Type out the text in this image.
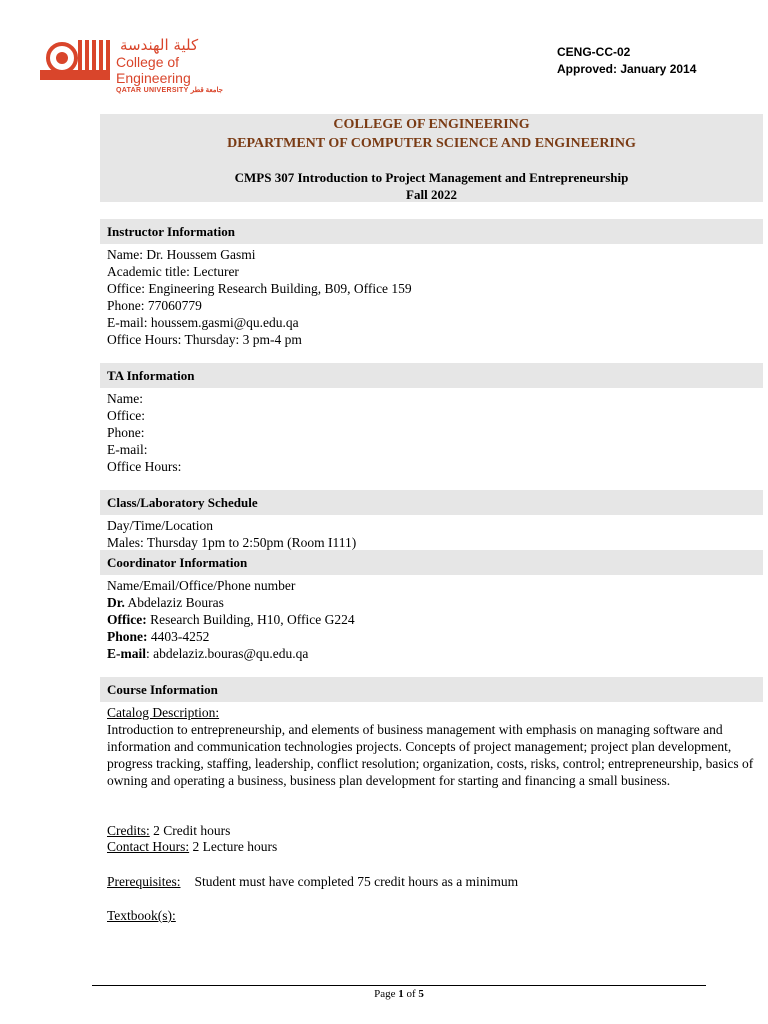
كلية الهندسة
College of Engineering
QATAR UNIVERSITY جامعة قطر
CENG-CC-02
Approved: January 2014
COLLEGE OF ENGINEERING
DEPARTMENT OF COMPUTER SCIENCE AND ENGINEERING
CMPS 307 Introduction to Project Management and Entrepreneurship
Fall 2022
Instructor Information
Name: Dr. Houssem Gasmi
Academic title: Lecturer
Office: Engineering Research Building, B09, Office 159
Phone: 77060779
E-mail: houssem.gasmi@qu.edu.qa
Office Hours: Thursday: 3 pm-4 pm
TA Information
Name:
Office:
Phone:
E-mail:
Office Hours:
Class/Laboratory Schedule
Day/Time/Location
Males: Thursday 1pm to 2:50pm (Room I111)
Coordinator Information
Name/Email/Office/Phone number
Dr. Abdelaziz Bouras
Office: Research Building, H10, Office G224
Phone: 4403-4252
E-mail: abdelaziz.bouras@qu.edu.qa
Course Information
Catalog Description:
Introduction to entrepreneurship, and elements of business management with emphasis on managing software and information and communication technologies projects. Concepts of project management; project plan development, progress tracking, staffing, leadership, conflict resolution; organization, costs, risks, control; entrepreneurship, basics of owning and operating a business, business plan development for starting and financing a small business.
Credits: 2 Credit hours
Contact Hours: 2 Lecture hours
Prerequisites: Student must have completed 75 credit hours as a minimum
Textbook(s):
Page 1 of 5
